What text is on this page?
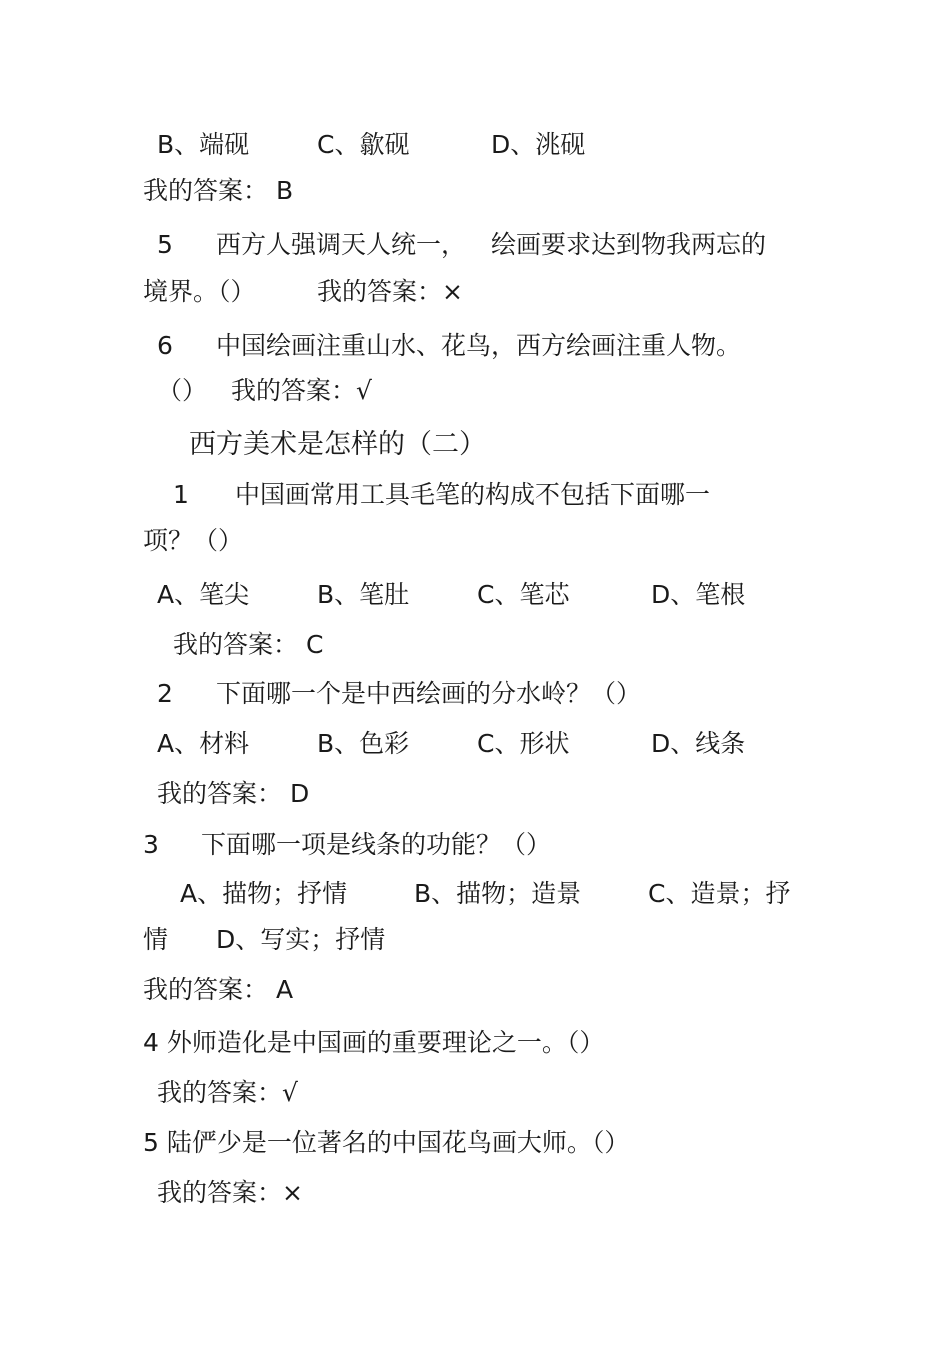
B、端砚	C、歙砚	D、洮砚
我的答案： B
5 西方人强调天人统一， 绘画要求达到物我两忘的
境界。（） 我的答案：×
6 中国绘画注重山水、花鸟，西方绘画注重人物。
（） 我的答案：√
西方美术是怎样的（二）
1 中国画常用工具毛笔的构成不包括下面哪一
项？（）
A、笔尖	B、笔肚	C、笔芯	D、笔根
我的答案： C
2 下面哪一个是中西绘画的分水岭？（）
A、材料	B、色彩	C、形状	D、线条
我的答案： D
3 下面哪一项是线条的功能？（）
A、描物；抒情	B、描物；造景	C、造景；抒
情 D、写实；抒情
我的答案： A
4 外师造化是中国画的重要理论之一。（）
我的答案：√
5 陆俨少是一位著名的中国花鸟画大师。（）
我的答案：×
